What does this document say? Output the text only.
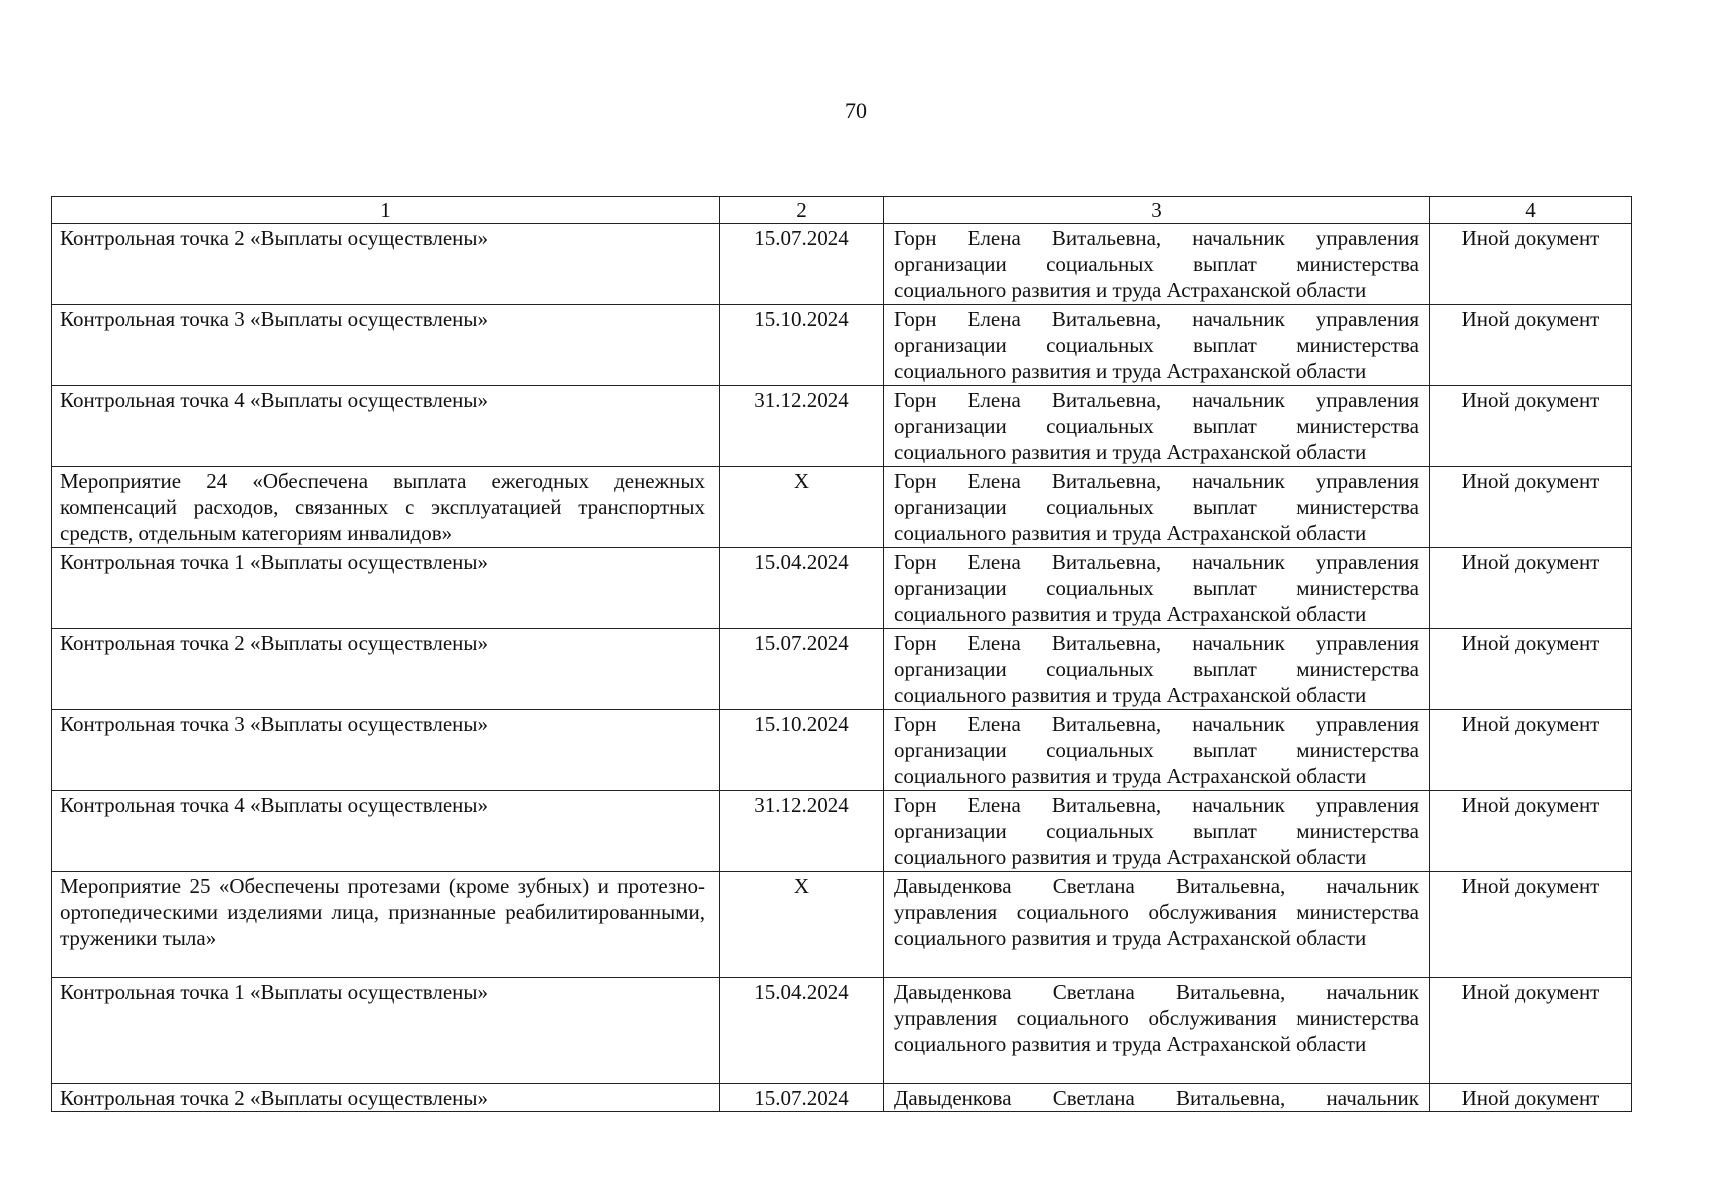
70
1	2	3	4
Контрольная точка 2 «Выплаты осуществлены»	15.07.2024	Горн Елена Витальевна, начальник управления организации социальных выплат министерства социального развития и труда Астраханской области	Иной документ
Контрольная точка 3 «Выплаты осуществлены»	15.10.2024	Горн Елена Витальевна, начальник управления организации социальных выплат министерства социального развития и труда Астраханской области	Иной документ
Контрольная точка 4 «Выплаты осуществлены»	31.12.2024	Горн Елена Витальевна, начальник управления организации социальных выплат министерства социального развития и труда Астраханской области	Иной документ
Мероприятие 24 «Обеспечена выплата ежегодных денежных компенсаций расходов, связанных с эксплуатацией транспортных средств, отдельным категориям инвалидов»	X	Горн Елена Витальевна, начальник управления организации социальных выплат министерства социального развития и труда Астраханской области	Иной документ
Контрольная точка 1 «Выплаты осуществлены»	15.04.2024	Горн Елена Витальевна, начальник управления организации социальных выплат министерства социального развития и труда Астраханской области	Иной документ
Контрольная точка 2 «Выплаты осуществлены»	15.07.2024	Горн Елена Витальевна, начальник управления организации социальных выплат министерства социального развития и труда Астраханской области	Иной документ
Контрольная точка 3 «Выплаты осуществлены»	15.10.2024	Горн Елена Витальевна, начальник управления организации социальных выплат министерства социального развития и труда Астраханской области	Иной документ
Контрольная точка 4 «Выплаты осуществлены»	31.12.2024	Горн Елена Витальевна, начальник управления организации социальных выплат министерства социального развития и труда Астраханской области	Иной документ
Мероприятие 25 «Обеспечены протезами (кроме зубных) и протезно-ортопедическими изделиями лица, признанные реабилитированными, труженики тыла»	X	Давыденкова Светлана Витальевна, начальник управления социального обслуживания министерства социального развития и труда Астраханской области	Иной документ
Контрольная точка 1 «Выплаты осуществлены»	15.04.2024	Давыденкова Светлана Витальевна, начальник управления социального обслуживания министерства социального развития и труда Астраханской области	Иной документ
Контрольная точка 2 «Выплаты осуществлены»	15.07.2024	Давыденкова Светлана Витальевна, начальник	Иной документ
